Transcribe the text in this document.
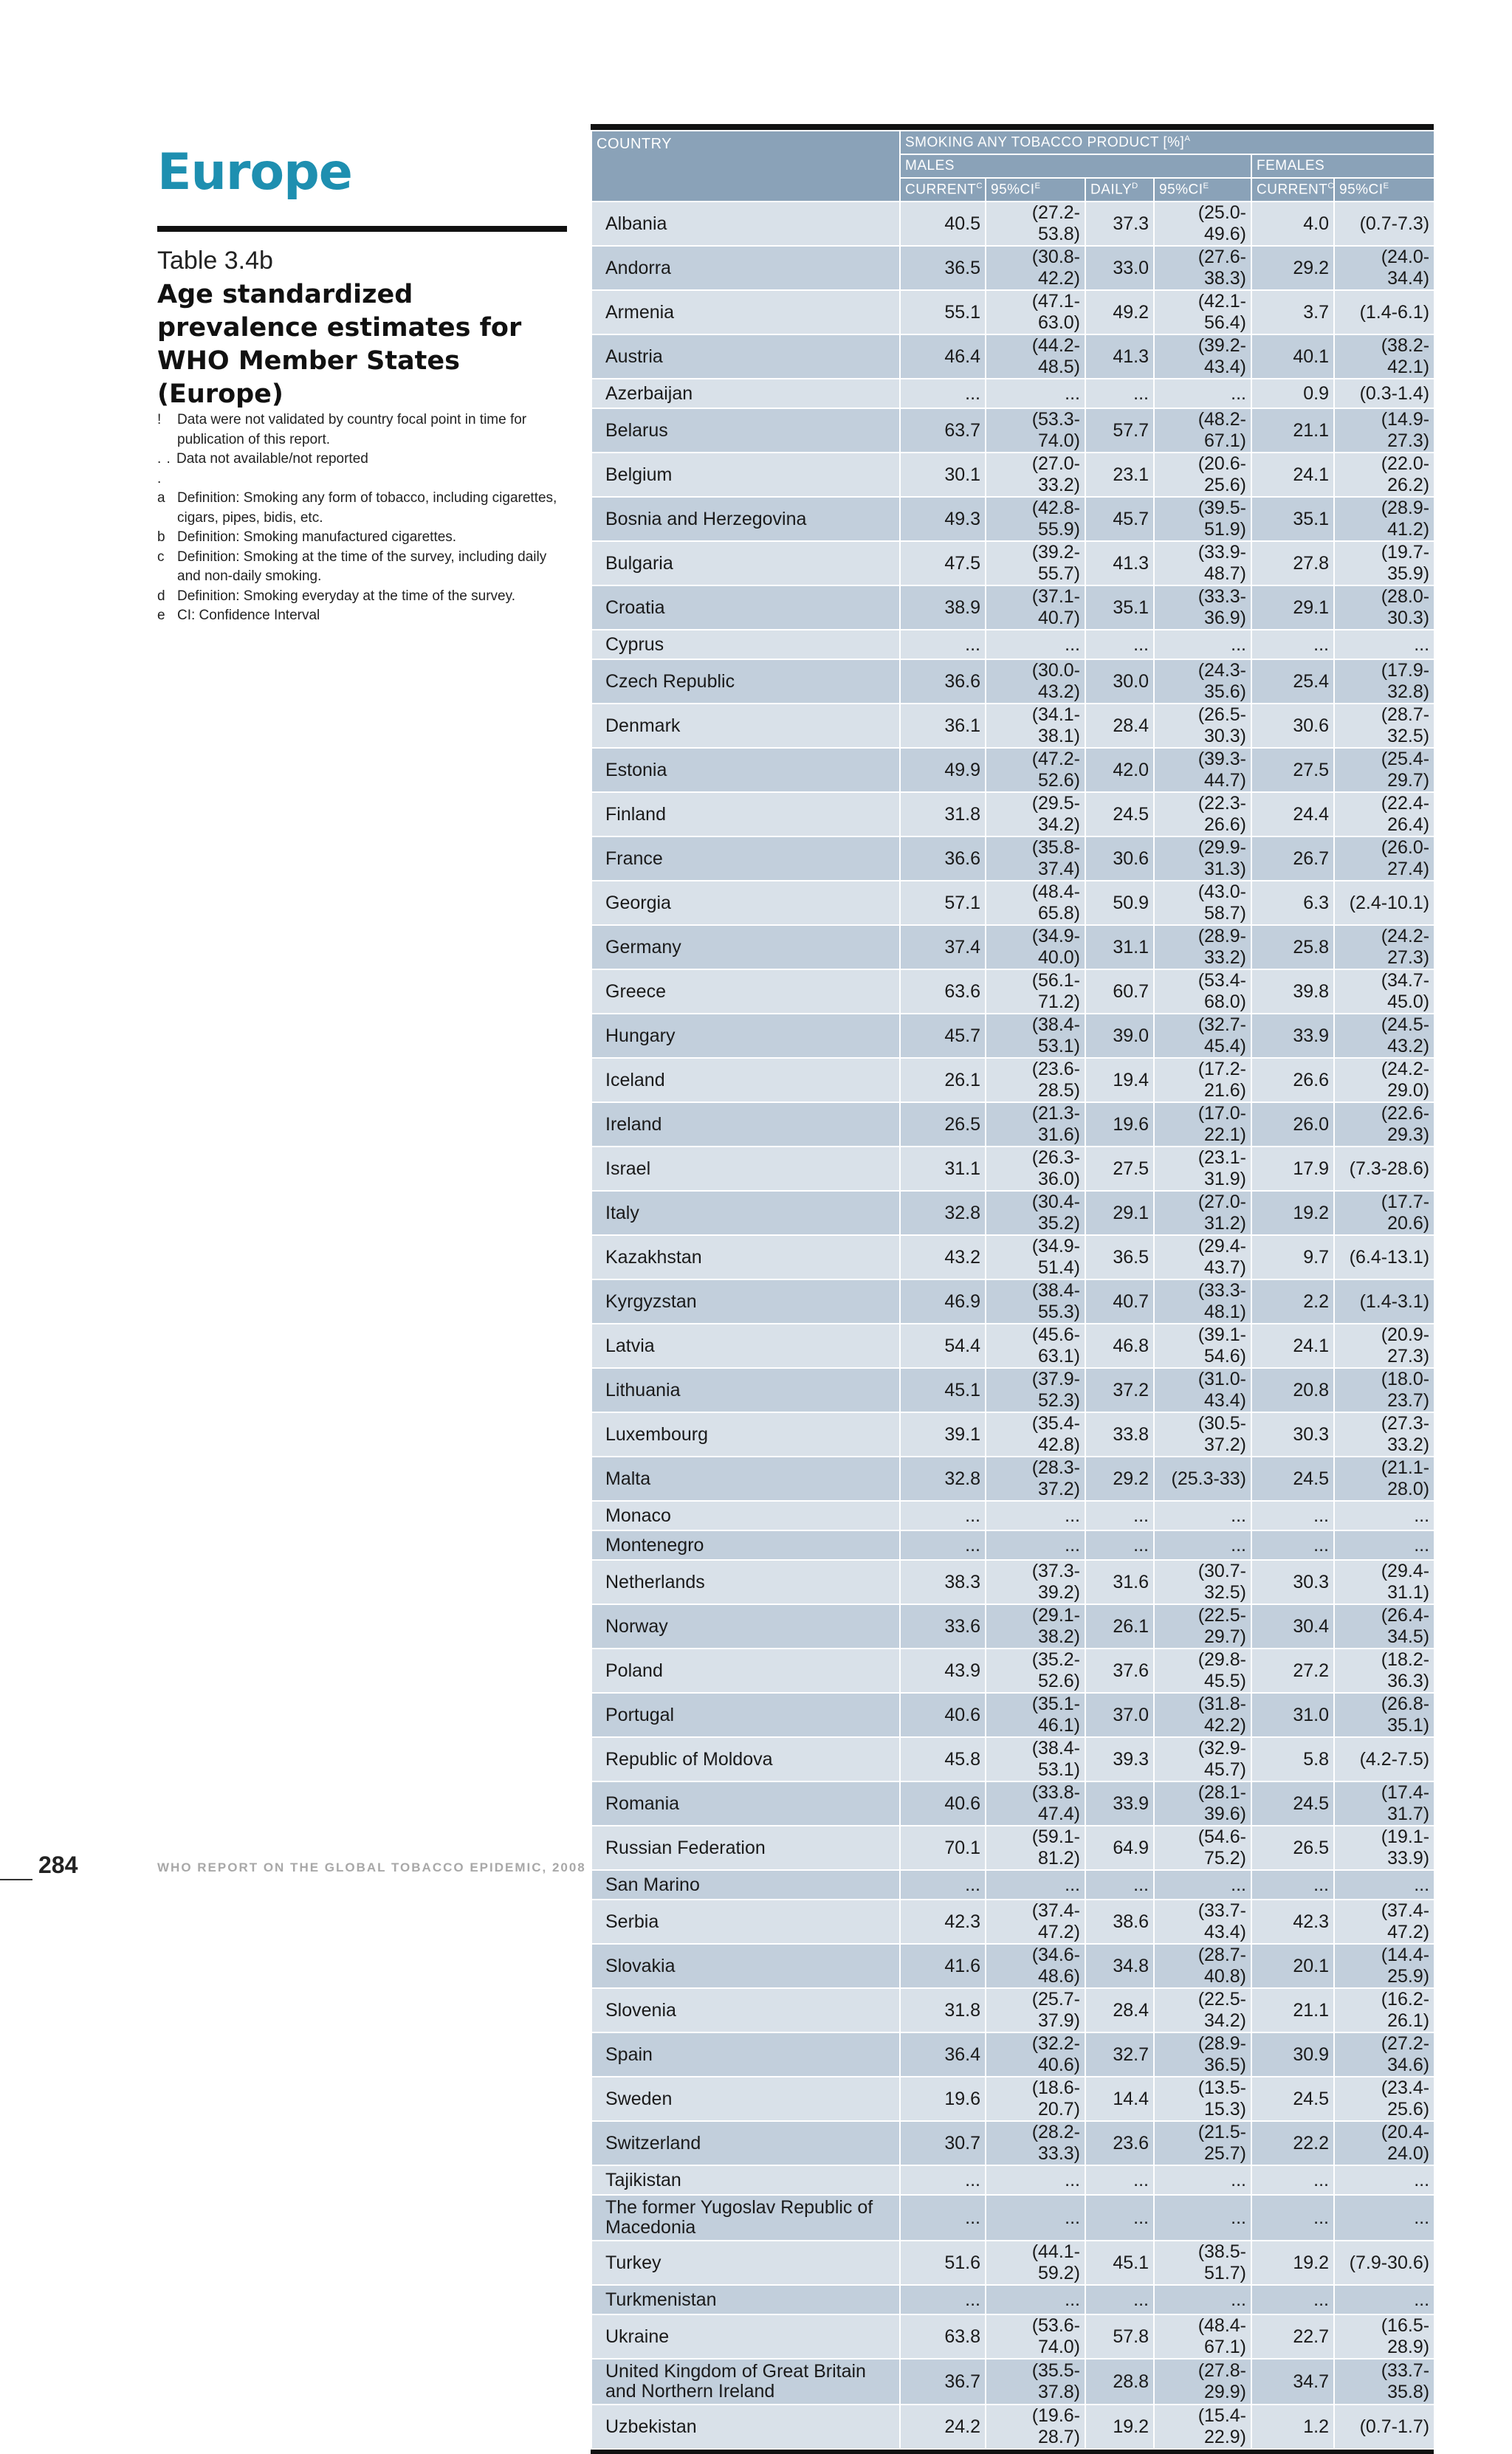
Europe
Table 3.4b
Age standardized prevalence estimates for WHO Member States (Europe)
!	Data were not validated by country focal point in time for publication of this report.
. . .
Data not available/not reported
a Definition: Smoking any form of tobacco, including cigarettes, cigars, pipes, bidis, etc.
b Definition: Smoking manufactured cigarettes.
c Definition: Smoking at the time of the survey, including daily and non-daily smoking.
d Definition: Smoking everyday at the time of the survey.
e CI: Confidence Interval
COUNTRY	SMOKING ANY TOBACCO PRODUCT [%]$^A$
	MALES				FEMALES	
	$CURRENT^C$	$95\%CI^E$	$DAILY^D$	$95\%CI^E$	$CURRENT^C$	$95\%CI^E$
Albania	40.5	(27.2-53.8)	37.3	(25.0-49.6)	4.0	(0.7-7.3)
Andorra	36.5	(30.8-42.2)	33.0	(27.6-38.3)	29.2	(24.0-34.4)
Armenia	55.1	(47.1-63.0)	49.2	(42.1-56.4)	3.7	(1.4-6.1)
Austria	46.4	(44.2-48.5)	41.3	(39.2-43.4)	40.1	(38.2-42.1)
Azerbaijan	...	...	...	...	0.9	(0.3-1.4)
Belarus	63.7	(53.3-74.0)	57.7	(48.2-67.1)	21.1	(14.9-27.3)
Belgium	30.1	(27.0-33.2)	23.1	(20.6-25.6)	24.1	(22.0-26.2)
Bosnia and Herzegovina	49.3	(42.8-55.9)	45.7	(39.5-51.9)	35.1	(28.9-41.2)
Bulgaria	47.5	(39.2-55.7)	41.3	(33.9-48.7)	27.8	(19.7-35.9)
Croatia	38.9	(37.1-40.7)	35.1	(33.3-36.9)	29.1	(28.0-30.3)
Cyprus	...	...	...	...	...	...
Czech Republic	36.6	(30.0-43.2)	30.0	(24.3-35.6)	25.4	(17.9-32.8)
Denmark	36.1	(34.1-38.1)	28.4	(26.5-30.3)	30.6	(28.7-32.5)
Estonia	49.9	(47.2-52.6)	42.0	(39.3-44.7)	27.5	(25.4-29.7)
Finland	31.8	(29.5-34.2)	24.5	(22.3-26.6)	24.4	(22.4-26.4)
France	36.6	(35.8-37.4)	30.6	(29.9-31.3)	26.7	(26.0-27.4)
Georgia	57.1	(48.4-65.8)	50.9	(43.0-58.7)	6.3	(2.4-10.1)
Germany	37.4	(34.9-40.0)	31.1	(28.9-33.2)	25.8	(24.2-27.3)
Greece	63.6	(56.1-71.2)	60.7	(53.4-68.0)	39.8	(34.7-45.0)
Hungary	45.7	(38.4-53.1)	39.0	(32.7-45.4)	33.9	(24.5-43.2)
Iceland	26.1	(23.6-28.5)	19.4	(17.2-21.6)	26.6	(24.2-29.0)
Ireland	26.5	(21.3-31.6)	19.6	(17.0-22.1)	26.0	(22.6-29.3)
Israel	31.1	(26.3-36.0)	27.5	(23.1-31.9)	17.9	(7.3-28.6)
Italy	32.8	(30.4-35.2)	29.1	(27.0-31.2)	19.2	(17.7-20.6)
Kazakhstan	43.2	(34.9-51.4)	36.5	(29.4-43.7)	9.7	(6.4-13.1)
Kyrgyzstan	46.9	(38.4-55.3)	40.7	(33.3-48.1)	2.2	(1.4-3.1)
Latvia	54.4	(45.6-63.1)	46.8	(39.1-54.6)	24.1	(20.9-27.3)
Lithuania	45.1	(37.9-52.3)	37.2	(31.0-43.4)	20.8	(18.0-23.7)
Luxembourg	39.1	(35.4-42.8)	33.8	(30.5-37.2)	30.3	(27.3-33.2)
Malta	32.8	(28.3-37.2)	29.2	(25.3-33)	24.5	(21.1-28.0)
Monaco	...	...	...	...	...	...
Montenegro	...	...	...	...	...	...
Netherlands	38.3	(37.3-39.2)	31.6	(30.7-32.5)	30.3	(29.4-31.1)
Norway	33.6	(29.1-38.2)	26.1	(22.5-29.7)	30.4	(26.4-34.5)
Poland	43.9	(35.2-52.6)	37.6	(29.8-45.5)	27.2	(18.2-36.3)
Portugal	40.6	(35.1-46.1)	37.0	(31.8-42.2)	31.0	(26.8-35.1)
Republic of Moldova	45.8	(38.4-53.1)	39.3	(32.9-45.7)	5.8	(4.2-7.5)
Romania	40.6	(33.8-47.4)	33.9	(28.1-39.6)	24.5	(17.4-31.7)
Russian Federation	70.1	(59.1-81.2)	64.9	(54.6-75.2)	26.5	(19.1-33.9)
San Marino	...	...	...	...	...	...
Serbia	42.3	(37.4-47.2)	38.6	(33.7-43.4)	42.3	(37.4-47.2)
Slovakia	41.6	(34.6-48.6)	34.8	(28.7-40.8)	20.1	(14.4-25.9)
Slovenia	31.8	(25.7-37.9)	28.4	(22.5-34.2)	21.1	(16.2-26.1)
Spain	36.4	(32.2-40.6)	32.7	(28.9-36.5)	30.9	(27.2-34.6)
Sweden	19.6	(18.6-20.7)	14.4	(13.5-15.3)	24.5	(23.4-25.6)
Switzerland	30.7	(28.2-33.3)	23.6	(21.5-25.7)	22.2	(20.4-24.0)
Tajikistan	...	...	...	...	...	...
The former Yugoslav Republic of Macedonia	...	...	...	...	...	...
Turkey	51.6	(44.1-59.2)	45.1	(38.5-51.7)	19.2	(7.9-30.6)
Turkmenistan	...	...	...	...	...	...
Ukraine	63.8	(53.6-74.0)	57.8	(48.4-67.1)	22.7	(16.5-28.9)
United Kingdom of Great Britain and Northern Ireland	36.7	(35.5-37.8)	28.8	(27.8-29.9)	34.7	(33.7-35.8)
Uzbekistan	24.2	(19.6-28.7)	19.2	(15.4-22.9)	1.2	(0.7-1.7)
284	WHO REPORT ON THE GLOBAL TOBACCO EPIDEMIC, 2008
